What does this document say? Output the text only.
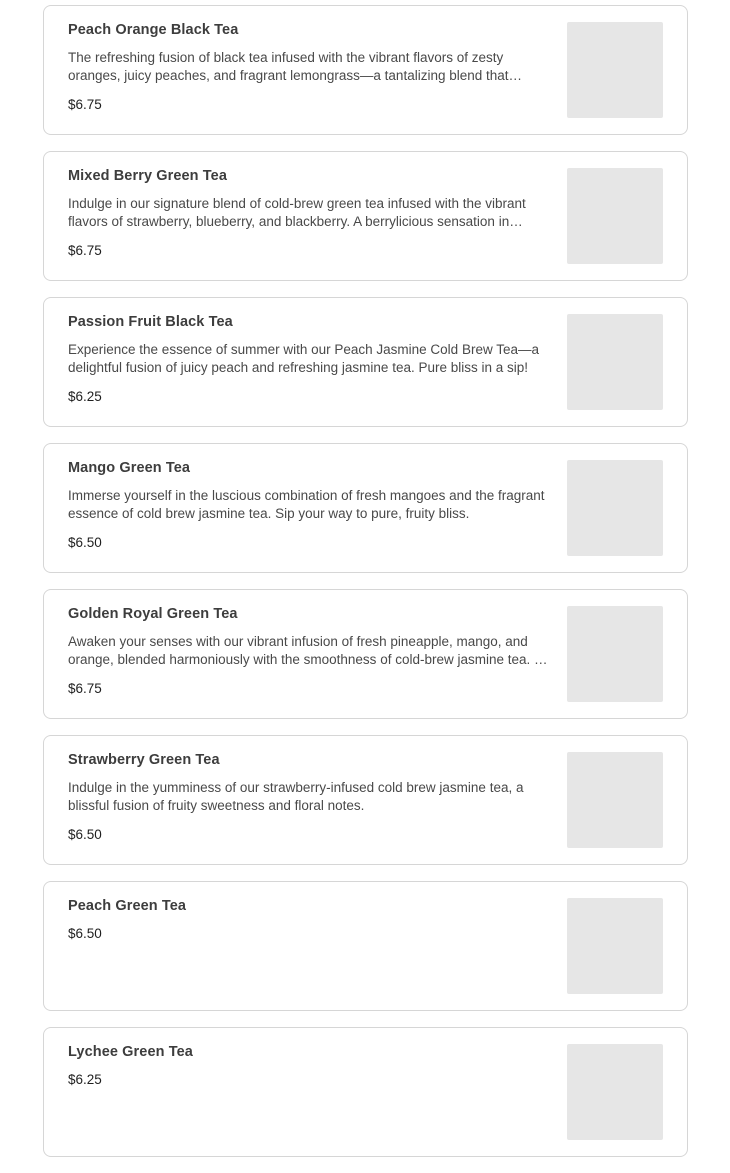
Peach Orange Black Tea
The refreshing fusion of black tea infused with the vibrant flavors of zesty oranges, juicy peaches, and fragrant lemongrass—a tantalizing blend that…
$6.75
Mixed Berry Green Tea
Indulge in our signature blend of cold-brew green tea infused with the vibrant flavors of strawberry, blueberry, and blackberry. A berrylicious sensation in…
$6.75
Passion Fruit Black Tea
Experience the essence of summer with our Peach Jasmine Cold Brew Tea—a delightful fusion of juicy peach and refreshing jasmine tea. Pure bliss in a sip!
$6.25
Mango Green Tea
Immerse yourself in the luscious combination of fresh mangoes and the fragrant essence of cold brew jasmine tea. Sip your way to pure, fruity bliss.
$6.50
Golden Royal Green Tea
Awaken your senses with our vibrant infusion of fresh pineapple, mango, and orange, blended harmoniously with the smoothness of cold-brew jasmine tea. …
$6.75
Strawberry Green Tea
Indulge in the yumminess of our strawberry-infused cold brew jasmine tea, a blissful fusion of fruity sweetness and floral notes.
$6.50
Peach Green Tea
$6.50
Lychee Green Tea
$6.25
